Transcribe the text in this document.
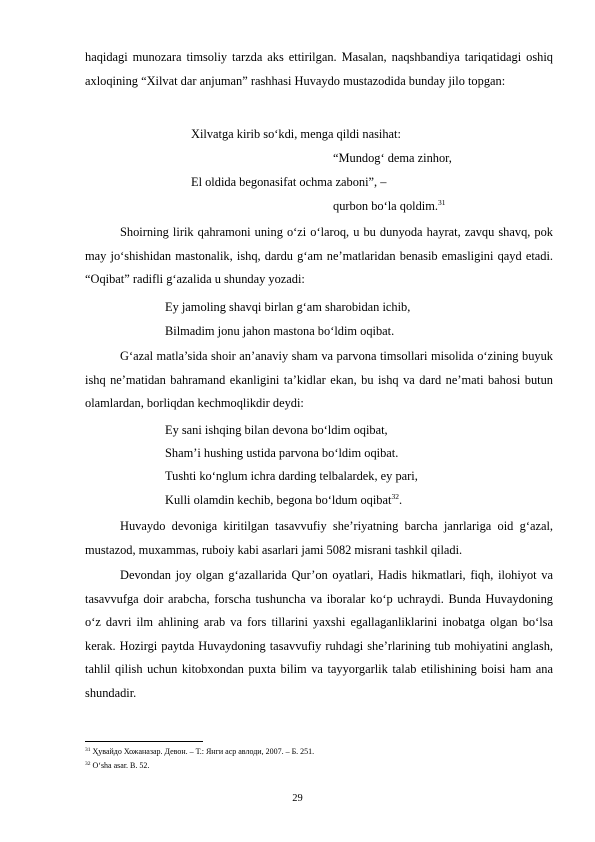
haqidagi munozara timsoliy tarzda aks ettirilgan. Masalan, naqshbandiya tariqatidagi oshiq axloqining “Xilvat dar anjuman” rashhasi Huvaydo mustazodida bunday jilo topgan:

Xilvatga kirib so‘kdi, menga qildi nasihat:

“Mundog‘ dema zinhor,

El oldida begonasifat ochma zaboni”, –

qurbon bo‘la qoldim.$^{31}$

Shoirning lirik qahramoni uning o‘zi o‘laroq, u bu dunyoda hayrat, zavqu shavq, pok may jo‘shishidan mastonalik, ishq, dardu g‘am ne’matlaridan benasib emasligini qayd etadi. “Oqibat” radifli g‘azalida u shunday yozadi:

Ey jamoling shavqi birlan g‘am sharobidan ichib,

Bilmadim jonu jahon mastona bo‘ldim oqibat.

G‘azal matla’sida shoir an’anaviy sham va parvona timsollari misolida o‘zining buyuk ishq ne’matidan bahramand ekanligini ta’kidlar ekan, bu ishq va dard ne’mati bahosi butun olamlardan, borliqdan kechmoqlikdir deydi:

Ey sani ishqing bilan devona bo‘ldim oqibat,

Sham’i hushing ustida parvona bo‘ldim oqibat.

Tushti ko‘nglum ichra darding telbalardek, ey pari,

Kulli olamdin kechib, begona bo‘ldum oqibat$^{32}$.

Huvaydo devoniga kiritilgan tasavvufiy she’riyatning barcha janrlariga oid g‘azal, mustazod, muxammas, ruboiy kabi asarlari jami 5082 misrani tashkil qiladi.

Devondan joy olgan g‘azallarida Qur’on oyatlari, Hadis hikmatlari, fiqh, ilohiyot va tasavvufga doir arabcha, forscha tushuncha va iboralar ko‘p uchraydi. Bunda Huvaydoning o‘z davri ilm ahlining arab va fors tillarini yaxshi egallaganliklarini inobatga olgan bo‘lsa kerak. Hozirgi paytda Huvaydoning tasavvufiy ruhdagi she’rlarining tub mohiyatini anglash, tahlil qilish uchun kitobxondan puxta bilim va tayyorgarlik talab etilishining boisi ham ana shundadir.

$^{31}$ Ҳувайдо Хожаназар. Девон. – Т.: Янги аср авлоди, 2007. – Б. 251.
$^{32}$ O‘sha asar. B. 52.
29
